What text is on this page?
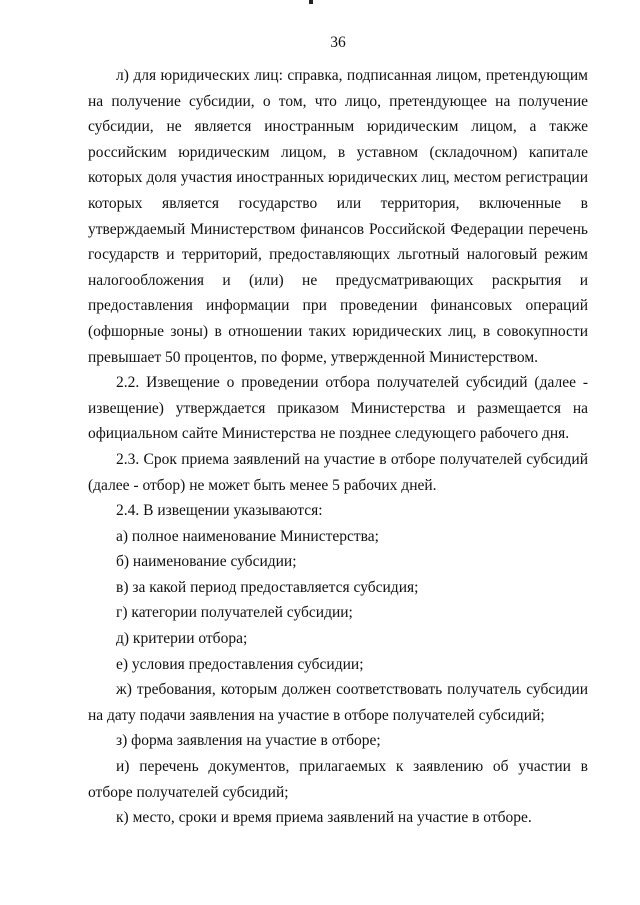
36

л) для юридических лиц: справка, подписанная лицом, претендующим на получение субсидии, о том, что лицо, претендующее на получение субсидии, не является иностранным юридическим лицом, а также российским юридическим лицом, в уставном (складочном) капитале которых доля участия иностранных юридических лиц, местом регистрации которых является государство или территория, включенные в утверждаемый Министерством финансов Российской Федерации перечень государств и территорий, предоставляющих льготный налоговый режим налогообложения и (или) не предусматривающих раскрытия и предоставления информации при проведении финансовых операций (офшорные зоны) в отношении таких юридических лиц, в совокупности превышает 50 процентов, по форме, утвержденной Министерством.

2.2. Извещение о проведении отбора получателей субсидий (далее - извещение) утверждается приказом Министерства и размещается на официальном сайте Министерства не позднее следующего рабочего дня.

2.3. Срок приема заявлений на участие в отборе получателей субсидий (далее - отбор) не может быть менее 5 рабочих дней.

2.4. В извещении указываются:

а) полное наименование Министерства;

б) наименование субсидии;

в) за какой период предоставляется субсидия;

г) категории получателей субсидии;

д) критерии отбора;

е) условия предоставления субсидии;

ж) требования, которым должен соответствовать получатель субсидии на дату подачи заявления на участие в отборе получателей субсидий;

з) форма заявления на участие в отборе;

и) перечень документов, прилагаемых к заявлению об участии в отборе получателей субсидий;

к) место, сроки и время приема заявлений на участие в отборе.
